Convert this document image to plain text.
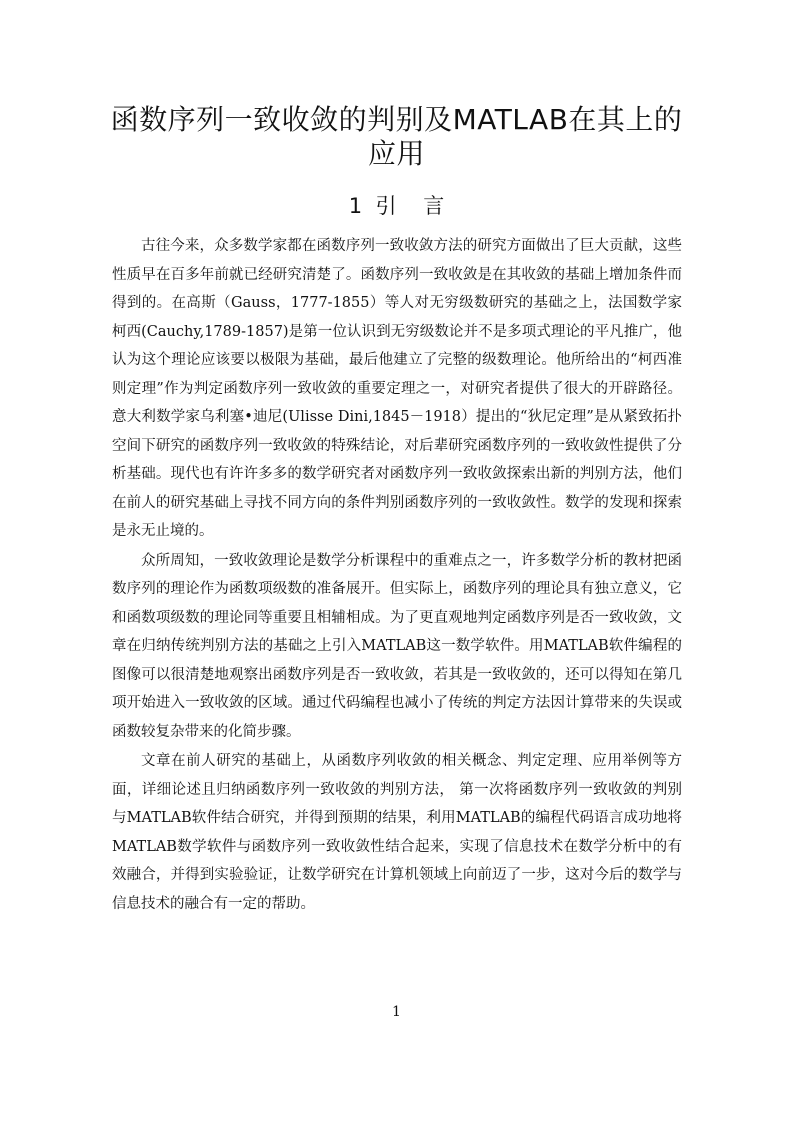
函数序列一致收敛的判别及MATLAB在其上的应用
1  引    言

古往今来，众多数学家都在函数序列一致收敛方法的研究方面做出了巨大贡献，这些性质早在百多年前就已经研究清楚了。函数序列一致收敛是在其收敛的基础上增加条件而得到的。在高斯（Gauss，1777-1855）等人对无穷级数研究的基础之上，法国数学家柯西(Cauchy,1789-1857)是第一位认识到无穷级数论并不是多项式理论的平凡推广，他认为这个理论应该要以极限为基础，最后他建立了完整的级数理论。他所给出的“柯西准则定理”作为判定函数序列一致收敛的重要定理之一，对研究者提供了很大的开辟路径。意大利数学家乌利塞•迪尼(Ulisse Dini,1845－1918）提出的“狄尼定理”是从紧致拓扑空间下研究的函数序列一致收敛的特殊结论，对后辈研究函数序列的一致收敛性提供了分析基础。现代也有许许多多的数学研究者对函数序列一致收敛探索出新的判别方法，他们在前人的研究基础上寻找不同方向的条件判别函数序列的一致收敛性。数学的发现和探索是永无止境的。

众所周知，一致收敛理论是数学分析课程中的重难点之一，许多数学分析的教材把函数序列的理论作为函数项级数的准备展开。但实际上，函数序列的理论具有独立意义，它和函数项级数的理论同等重要且相辅相成。为了更直观地判定函数序列是否一致收敛，文章在归纳传统判别方法的基础之上引入MATLAB这一数学软件。用MATLAB软件编程的图像可以很清楚地观察出函数序列是否一致收敛，若其是一致收敛的，还可以得知在第几项开始进入一致收敛的区域。通过代码编程也减小了传统的判定方法因计算带来的失误或函数较复杂带来的化简步骤。

文章在前人研究的基础上，从函数序列收敛的相关概念、判定定理、应用举例等方面，详细论述且归纳函数序列一致收敛的判别方法， 第一次将函数序列一致收敛的判别与MATLAB软件结合研究，并得到预期的结果，利用MATLAB的编程代码语言成功地将MATLAB数学软件与函数序列一致收敛性结合起来，实现了信息技术在数学分析中的有效融合，并得到实验验证，让数学研究在计算机领域上向前迈了一步，这对今后的数学与信息技术的融合有一定的帮助。

1
